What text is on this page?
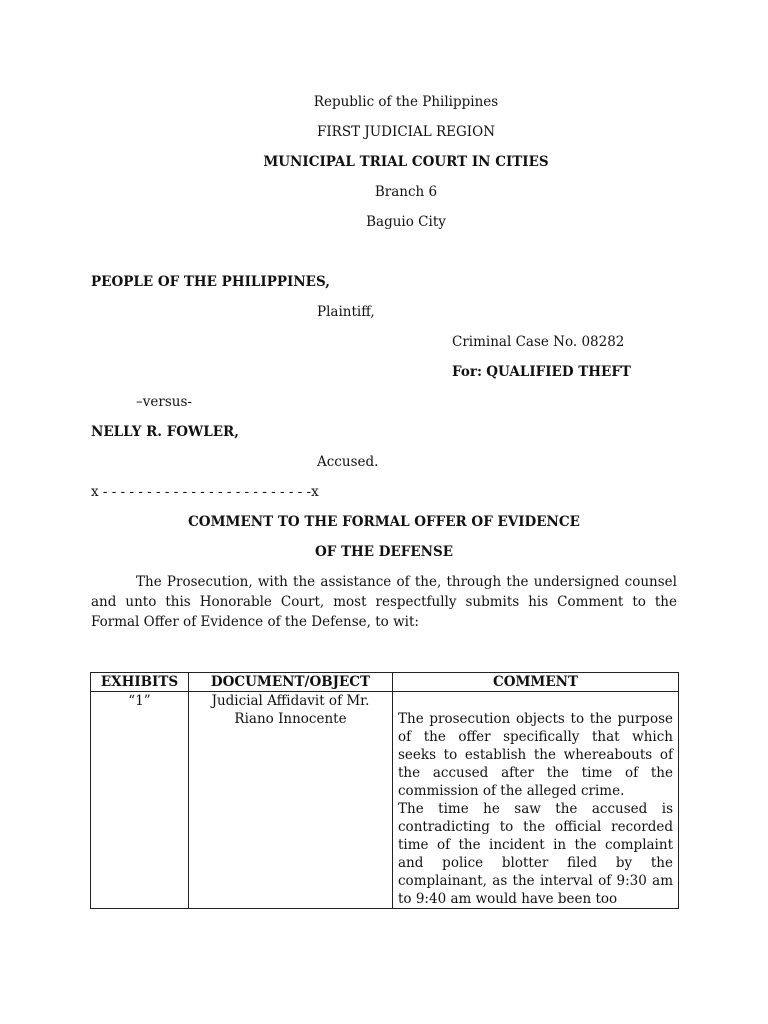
Republic of the Philippines
FIRST JUDICIAL REGION
MUNICIPAL TRIAL COURT IN CITIES
Branch 6
Baguio City
PEOPLE OF THE PHILIPPINES,
Plaintiff,
Criminal Case No. 08282
For: QUALIFIED THEFT
–versus-
NELLY R. FOWLER,
Accused.
x - - - - - - - - - - - - - - - - - - - - - - - -x
COMMENT TO THE FORMAL OFFER OF EVIDENCE
OF THE DEFENSE
The Prosecution, with the assistance of the, through the undersigned counsel and unto this Honorable Court, most respectfully submits his Comment to the Formal Offer of Evidence of the Defense, to wit:
EXHIBITS	DOCUMENT/OBJECT	COMMENT
“1”	Judicial Affidavit of Mr. Riano Innocente	The prosecution objects to the purpose of the offer specifically that which seeks to establish the whereabouts of the accused after the time of the commission of the alleged crime.

The time he saw the accused is contradicting to the official recorded time of the incident in the complaint and police blotter filed by the complainant, as the interval of 9:30 am to 9:40 am would have been too
